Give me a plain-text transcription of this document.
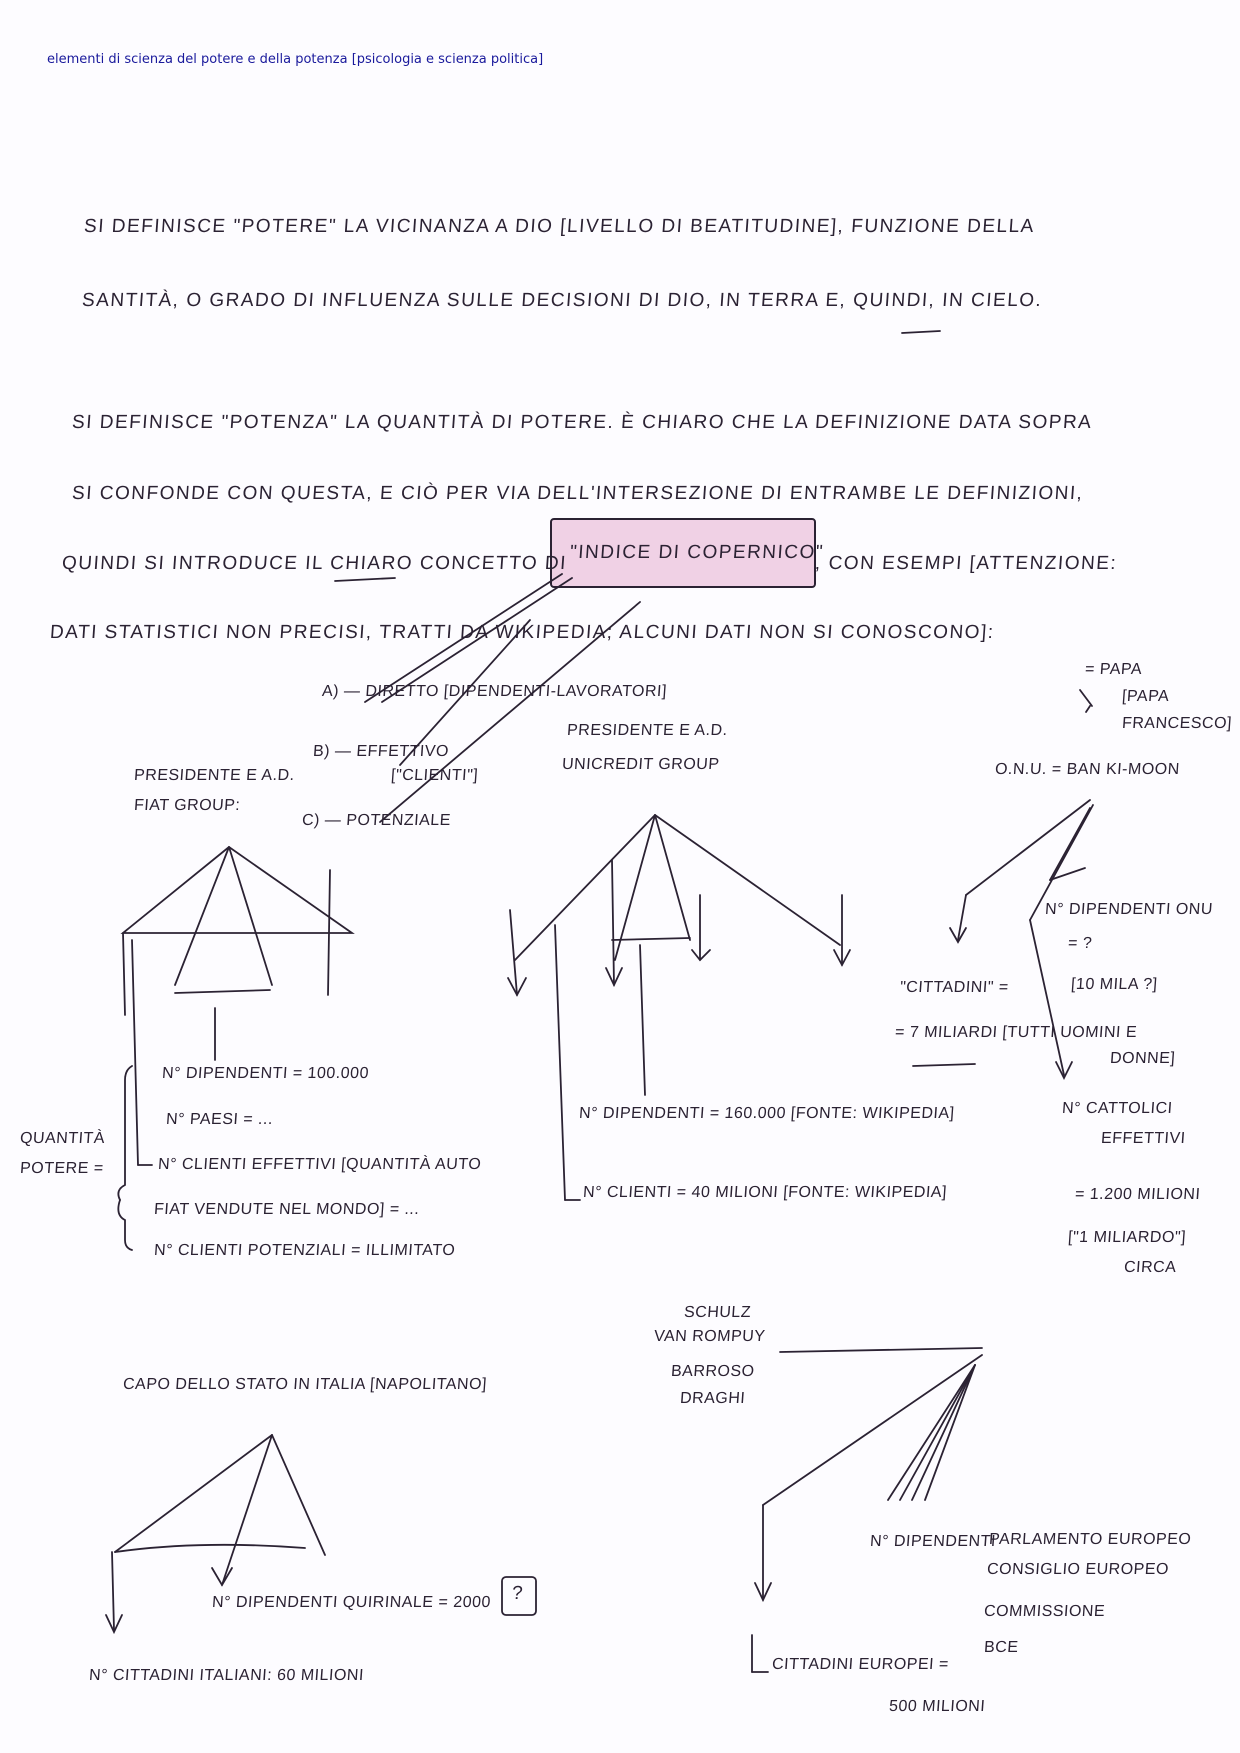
elementi di scienza del potere e della potenza [psicologia e scienza politica]
SI DEFINISCE "POTERE" LA VICINANZA A DIO [LIVELLO DI BEATITUDINE], FUNZIONE DELLA
SANTITÀ, O GRADO DI INFLUENZA SULLE DECISIONI DI DIO, IN TERRA E, QUINDI, IN CIELO.
SI DEFINISCE "POTENZA" LA QUANTITÀ DI POTERE. È CHIARO CHE LA DEFINIZIONE DATA SOPRA
SI CONFONDE CON QUESTA, E CIÒ PER VIA DELL'INTERSEZIONE DI ENTRAMBE LE DEFINIZIONI,
QUINDI SI INTRODUCE IL CHIARO CONCETTO DI
"INDICE DI COPERNICO"
, CON ESEMPI [ATTENZIONE:
DATI STATISTICI NON PRECISI, TRATTI DA WIKIPEDIA; ALCUNI DATI NON SI CONOSCONO]:
A) — DIRETTO [DIPENDENTI-LAVORATORI]
B) — EFFETTIVO
["CLIENTI"]
C) — POTENZIALE
PRESIDENTE E A.D.
FIAT GROUP:
QUANTITÀ
POTERE =
N° DIPENDENTI = 100.000
N° PAESI = ...
N° CLIENTI EFFETTIVI [QUANTITÀ AUTO
FIAT VENDUTE NEL MONDO] = ...
N° CLIENTI POTENZIALI = ILLIMITATO
PRESIDENTE E A.D.
UNICREDIT GROUP
N° DIPENDENTI = 160.000 [FONTE: WIKIPEDIA]
N° CLIENTI = 40 MILIONI [FONTE: WIKIPEDIA]
= PAPA
[PAPA
FRANCESCO]
O.N.U. = BAN KI-MOON
"CITTADINI" =
= 7 MILIARDI [TUTTI UOMINI E
DONNE]
N° DIPENDENTI ONU
= ?
[10 MILA ?]
N° CATTOLICI
EFFETTIVI
= 1.200 MILIONI
["1 MILIARDO"]
CIRCA
CAPO DELLO STATO IN ITALIA [NAPOLITANO]
N° DIPENDENTI QUIRINALE = 2000 ?
N° CITTADINI ITALIANI: 60 MILIONI
SCHULZ
VAN ROMPUY
BARROSO
DRAGHI
N° DIPENDENTI
PARLAMENTO EUROPEO
CONSIGLIO EUROPEO
COMMISSIONE
BCE
CITTADINI EUROPEI =
500 MILIONI
